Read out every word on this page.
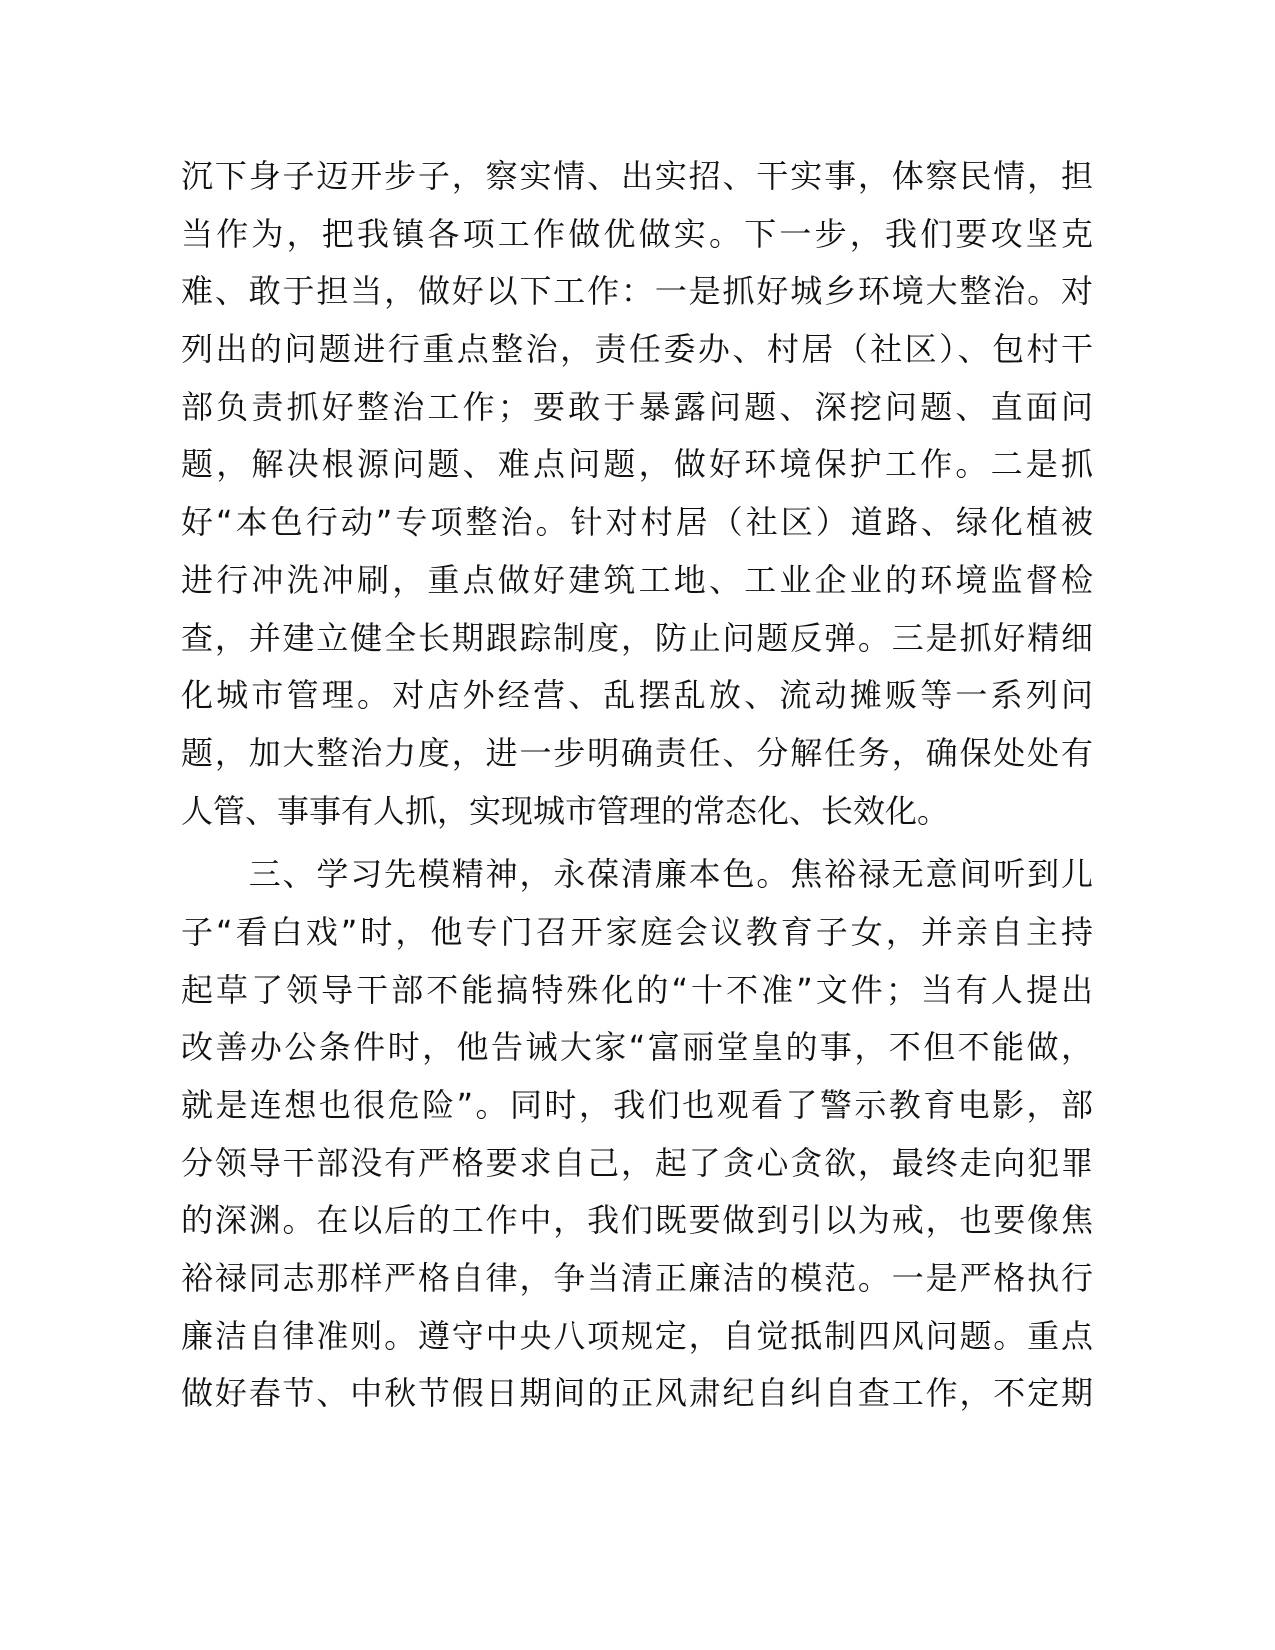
沉下身子迈开步子，察实情、出实招、干实事，体察民情，担
当作为，把我镇各项工作做优做实。下一步，我们要攻坚克
难、敢于担当，做好以下工作：一是抓好城乡环境大整治。对
列出的问题进行重点整治，责任委办、村居（社区）、包村干
部负责抓好整治工作；要敢于暴露问题、深挖问题、直面问
题，解决根源问题、难点问题，做好环境保护工作。二是抓
好“本色行动”专项整治。针对村居（社区）道路、绿化植被
进行冲洗冲刷，重点做好建筑工地、工业企业的环境监督检
查，并建立健全长期跟踪制度，防止问题反弹。三是抓好精细
化城市管理。对店外经营、乱摆乱放、流动摊贩等一系列问
题，加大整治力度，进一步明确责任、分解任务，确保处处有
人管、事事有人抓，实现城市管理的常态化、长效化。
　　三、学习先模精神，永葆清廉本色。焦裕禄无意间听到儿
子“看白戏”时，他专门召开家庭会议教育子女，并亲自主持
起草了领导干部不能搞特殊化的“十不准”文件；当有人提出
改善办公条件时，他告诫大家“富丽堂皇的事，不但不能做，
就是连想也很危险”。同时，我们也观看了警示教育电影，部
分领导干部没有严格要求自己，起了贪心贪欲，最终走向犯罪
的深渊。在以后的工作中，我们既要做到引以为戒，也要像焦
裕禄同志那样严格自律，争当清正廉洁的模范。一是严格执行
廉洁自律准则。遵守中央八项规定，自觉抵制四风问题。重点
做好春节、中秋节假日期间的正风肃纪自纠自查工作，不定期
